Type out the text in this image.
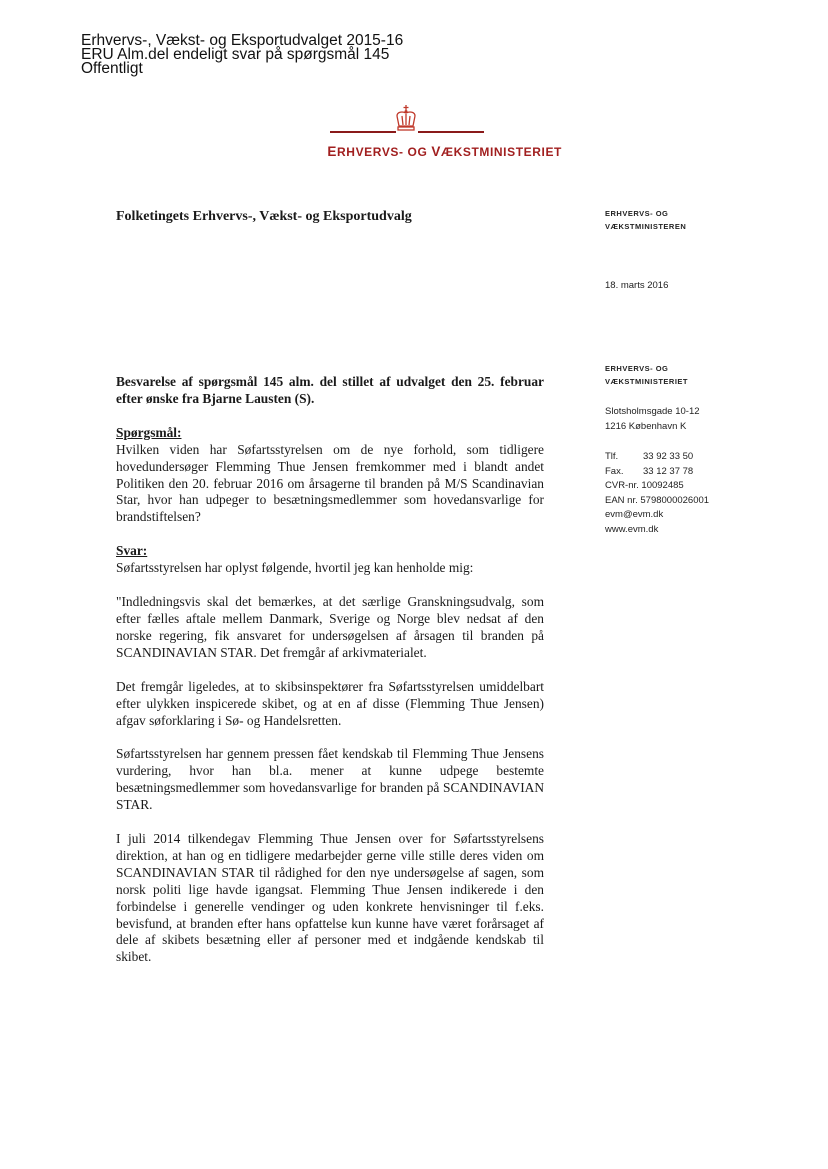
Erhvervs-, Vækst- og Eksportudvalget 2015-16
ERU Alm.del endeligt svar på spørgsmål 145
Offentligt
ERHVERVS- OG VÆKSTMINISTERIET
Folketingets Erhvervs-, Vækst- og Eksportudvalg	ERHVERVS- OG
VÆKSTMINISTEREN
18. marts 2016
ERHVERVS- OG
VÆKSTMINISTERIET
Slotsholmsgade 10-12
1216 København K
Tlf.	33 92 33 50
Fax. 33 12 37 78
CVR-nr. 10092485
EAN nr. 5798000026001
evm@evm.dk
www.evm.dk

Besvarelse af spørgsmål 145 alm. del stillet af udvalget den 25. februar efter ønske fra Bjarne Lausten (S).

Spørgsmål:

Hvilken viden har Søfartsstyrelsen om de nye forhold, som tidligere hovedundersøger Flemming Thue Jensen fremkommer med i blandt andet Politiken den 20. februar 2016 om årsagerne til branden på M/S Scandinavian Star, hvor han udpeger to besætningsmedlemmer som hovedansvarlige for brandstiftelsen?

Svar:

Søfartsstyrelsen har oplyst følgende, hvortil jeg kan henholde mig:

"Indledningsvis skal det bemærkes, at det særlige Granskningsudvalg, som efter fælles aftale mellem Danmark, Sverige og Norge blev nedsat af den norske regering, fik ansvaret for undersøgelsen af årsagen til branden på SCANDINAVIAN STAR. Det fremgår af arkivmaterialet.

Det fremgår ligeledes, at to skibsinspektører fra Søfartsstyrelsen umiddelbart efter ulykken inspicerede skibet, og at en af disse (Flemming Thue Jensen) afgav søforklaring i Sø- og Handelsretten.

Søfartsstyrelsen har gennem pressen fået kendskab til Flemming Thue Jensens vurdering, hvor han bl.a. mener at kunne udpege bestemte besætningsmedlemmer som hovedansvarlige for branden på SCANDINAVIAN STAR.

I juli 2014 tilkendegav Flemming Thue Jensen over for Søfartsstyrelsens direktion, at han og en tidligere medarbejder gerne ville stille deres viden om SCANDINAVIAN STAR til rådighed for den nye undersøgelse af sagen, som norsk politi lige havde igangsat. Flemming Thue Jensen indikerede i den forbindelse i generelle vendinger og uden konkrete henvisninger til f.eks. bevisfund, at branden efter hans opfattelse kun kunne have været forårsaget af dele af skibets besætning eller af personer med et indgående kendskab til skibet.
